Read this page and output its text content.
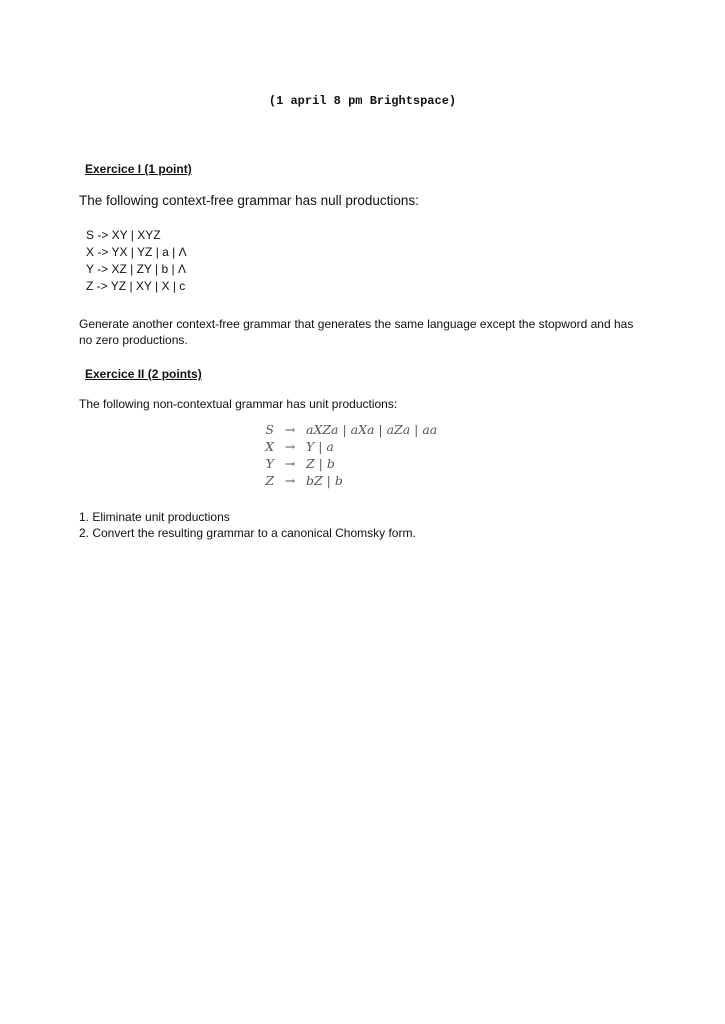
(1 april 8 pm Brightspace)
Exercice I (1 point)
The following context-free grammar has null productions:
S -> XY | XYZ
X -> YX | YZ | a | Λ
Y -> XZ | ZY | b | Λ
Z -> YZ | XY | X | c
Generate another context-free grammar that generates the same language except the stopword and has no zero productions.
Exercice II (2 points)
The following non-contextual grammar has unit productions:
S	→	aXZa | aXa | aZa | aa
X	→	Y | a
Y	→	Z | b
Z	→	bZ | b
1. Eliminate unit productions
2. Convert the resulting grammar to a canonical Chomsky form.
